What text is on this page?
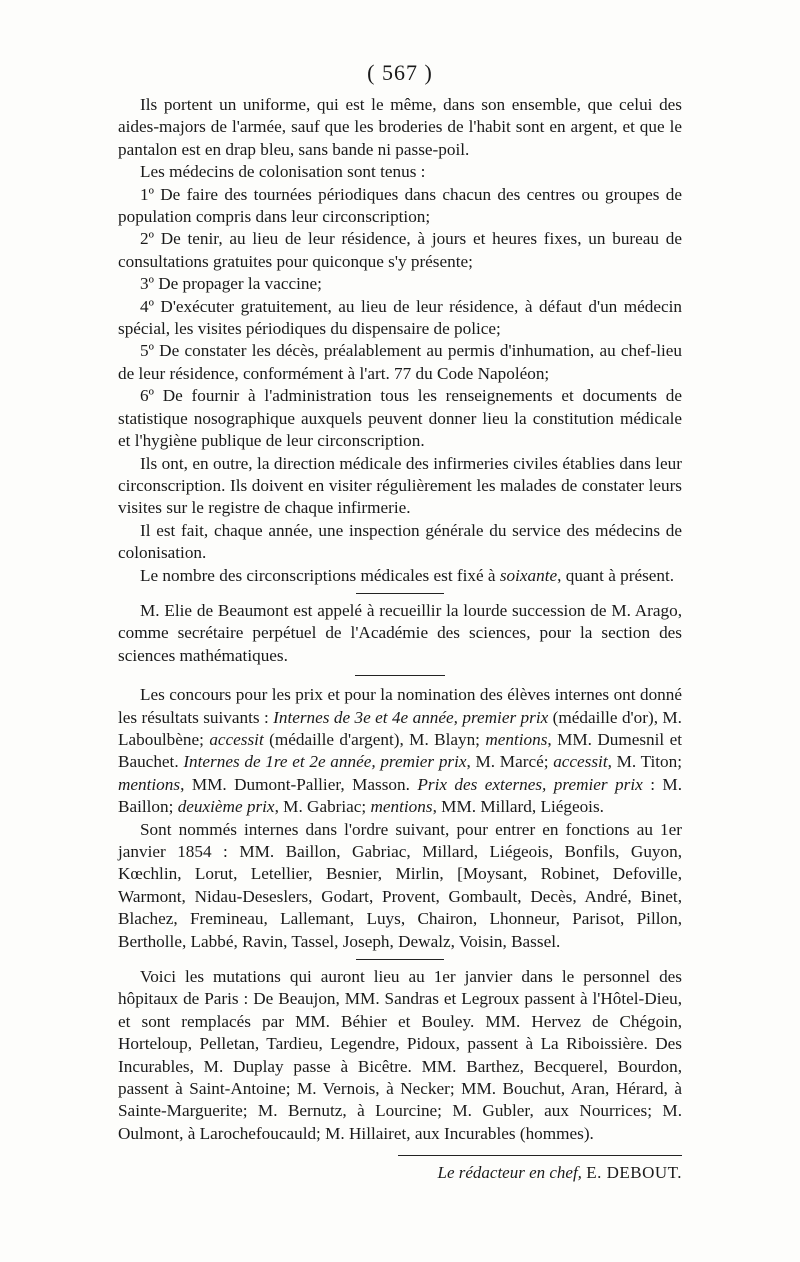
( 567 )

Ils portent un uniforme, qui est le même, dans son ensemble, que celui des aides-majors de l'armée, sauf que les broderies de l'habit sont en argent, et que le pantalon est en drap bleu, sans bande ni passe-poil.

Les médecins de colonisation sont tenus :

1º De faire des tournées périodiques dans chacun des centres ou groupes de population compris dans leur circonscription;

2º De tenir, au lieu de leur résidence, à jours et heures fixes, un bureau de consultations gratuites pour quiconque s'y présente;

3º De propager la vaccine;

4º D'exécuter gratuitement, au lieu de leur résidence, à défaut d'un médecin spécial, les visites périodiques du dispensaire de police;

5º De constater les décès, préalablement au permis d'inhumation, au chef-lieu de leur résidence, conformément à l'art. 77 du Code Napoléon;

6º De fournir à l'administration tous les renseignements et documents de statistique nosographique auxquels peuvent donner lieu la constitution médicale et l'hygiène publique de leur circonscription.

Ils ont, en outre, la direction médicale des infirmeries civiles établies dans leur circonscription. Ils doivent en visiter régulièrement les malades de constater leurs visites sur le registre de chaque infirmerie.

Il est fait, chaque année, une inspection générale du service des médecins de colonisation.

Le nombre des circonscriptions médicales est fixé à soixante, quant à présent.

M. Elie de Beaumont est appelé à recueillir la lourde succession de M. Arago, comme secrétaire perpétuel de l'Académie des sciences, pour la section des sciences mathématiques.

Les concours pour les prix et pour la nomination des élèves internes ont donné les résultats suivants : Internes de 3e et 4e année, premier prix (médaille d'or), M. Laboulbène; accessit (médaille d'argent), M. Blayn; mentions, MM. Dumesnil et Bauchet. Internes de 1re et 2e année, premier prix, M. Marcé; accessit, M. Titon; mentions, MM. Dumont-Pallier, Masson. Prix des externes, premier prix : M. Baillon; deuxième prix, M. Gabriac; mentions, MM. Millard, Liégeois.

Sont nommés internes dans l'ordre suivant, pour entrer en fonctions au 1er janvier 1854 : MM. Baillon, Gabriac, Millard, Liégeois, Bonfils, Guyon, Kœchlin, Lorut, Letellier, Besnier, Mirlin, [Moysant, Robinet, Defoville, Warmont, Nidau-Deseslers, Godart, Provent, Gombault, Decès, André, Binet, Blachez, Fremineau, Lallemant, Luys, Chairon, Lhonneur, Parisot, Pillon, Bertholle, Labbé, Ravin, Tassel, Joseph, Dewalz, Voisin, Bassel.

Voici les mutations qui auront lieu au 1er janvier dans le personnel des hôpitaux de Paris : De Beaujon, MM. Sandras et Legroux passent à l'Hôtel-Dieu, et sont remplacés par MM. Béhier et Bouley. MM. Hervez de Chégoin, Horteloup, Pelletan, Tardieu, Legendre, Pidoux, passent à La Riboissière. Des Incurables, M. Duplay passe à Bicêtre. MM. Barthez, Becquerel, Bourdon, passent à Saint-Antoine; M. Vernois, à Necker; MM. Bouchut, Aran, Hérard, à Sainte-Marguerite; M. Bernutz, à Lourcine; M. Gubler, aux Nourrices; M. Oulmont, à Larochefoucauld; M. Hillairet, aux Incurables (hommes).

Le rédacteur en chef, E. DEBOUT.
